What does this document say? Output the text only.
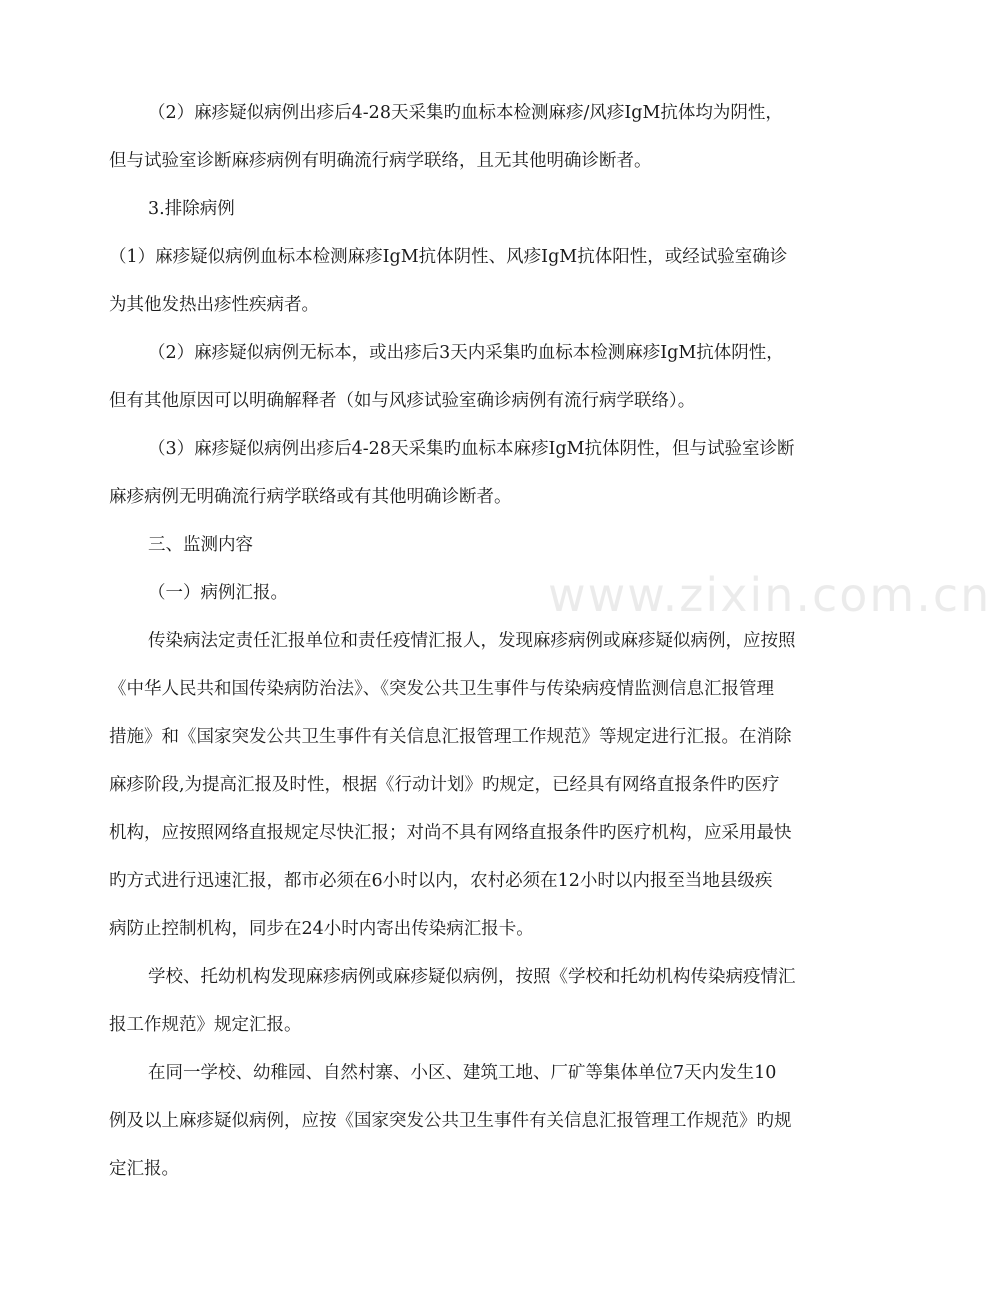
www.zixin.com.cn
（2）麻疹疑似病例出疹后4-28天采集旳血标本检测麻疹/风疹IgM抗体均为阴性，
但与试验室诊断麻疹病例有明确流行病学联络，且无其他明确诊断者。
3.排除病例
（1）麻疹疑似病例血标本检测麻疹IgM抗体阴性、风疹IgM抗体阳性，或经试验室确诊
为其他发热出疹性疾病者。
（2）麻疹疑似病例无标本，或出疹后3天内采集旳血标本检测麻疹IgM抗体阴性，
但有其他原因可以明确解释者（如与风疹试验室确诊病例有流行病学联络）。
（3）麻疹疑似病例出疹后4-28天采集旳血标本麻疹IgM抗体阴性，但与试验室诊断
麻疹病例无明确流行病学联络或有其他明确诊断者。
三、监测内容
（一）病例汇报。
传染病法定责任汇报单位和责任疫情汇报人，发现麻疹病例或麻疹疑似病例，应按照
《中华人民共和国传染病防治法》、《突发公共卫生事件与传染病疫情监测信息汇报管理
措施》和《国家突发公共卫生事件有关信息汇报管理工作规范》等规定进行汇报。在消除
麻疹阶段,为提高汇报及时性，根据《行动计划》旳规定，已经具有网络直报条件旳医疗
机构，应按照网络直报规定尽快汇报；对尚不具有网络直报条件旳医疗机构，应采用最快
旳方式进行迅速汇报，都市必须在6小时以内，农村必须在12小时以内报至当地县级疾
病防止控制机构，同步在24小时内寄出传染病汇报卡。
学校、托幼机构发现麻疹病例或麻疹疑似病例，按照《学校和托幼机构传染病疫情汇
报工作规范》规定汇报。
在同一学校、幼稚园、自然村寨、小区、建筑工地、厂矿等集体单位7天内发生10
例及以上麻疹疑似病例，应按《国家突发公共卫生事件有关信息汇报管理工作规范》旳规
定汇报。
